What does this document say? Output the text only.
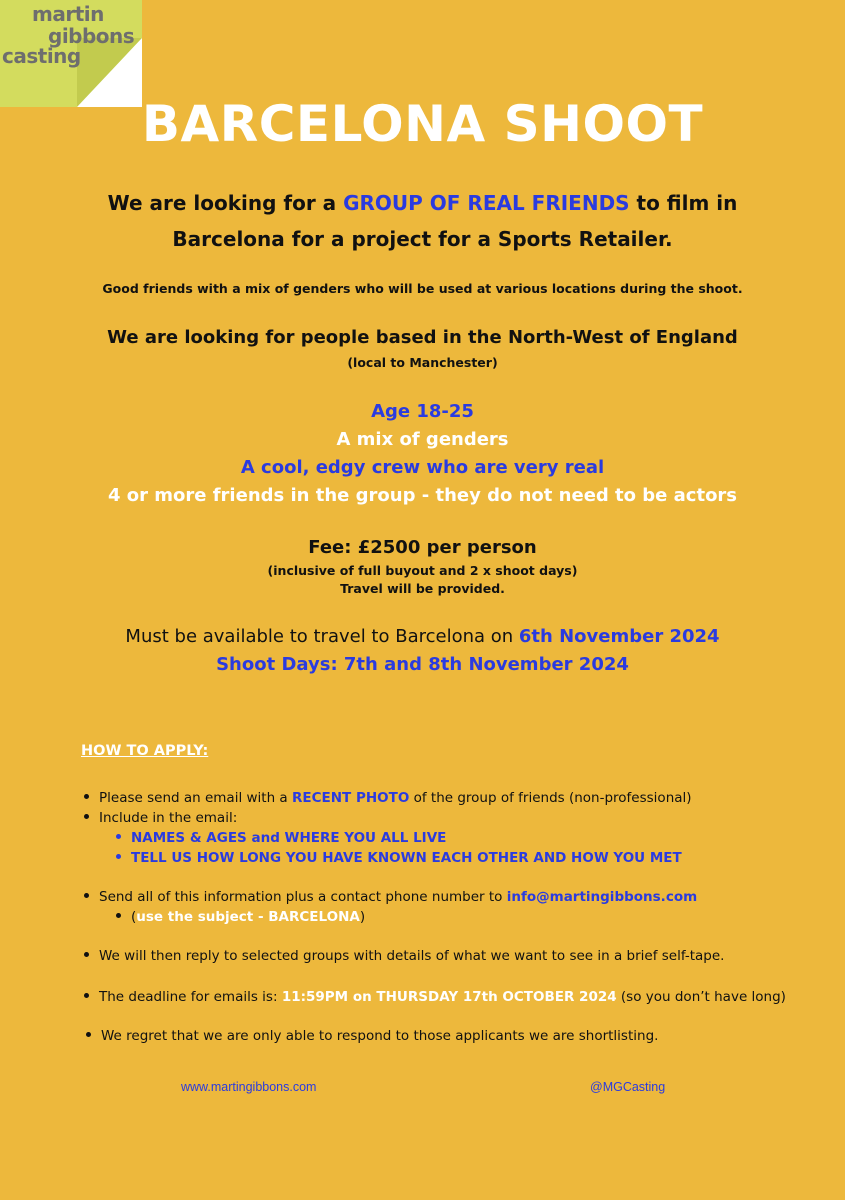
martin
gibbons
casting
BARCELONA SHOOT
We are looking for a GROUP OF REAL FRIENDS to film in
Barcelona for a project for a Sports Retailer.
Good friends with a mix of genders who will be used at various locations during the shoot.
We are looking for people based in the North-West of England
(local to Manchester)
Age 18-25
A mix of genders
A cool, edgy crew who are very real
4 or more friends in the group - they do not need to be actors
Fee: £2500 per person
(inclusive of full buyout and 2 x shoot days)
Travel will be provided.
Must be available to travel to Barcelona on 6th November 2024
Shoot Days: 7th and 8th November 2024
HOW TO APPLY:
Please send an email with a RECENT PHOTO of the group of friends (non-professional)
Include in the email:
NAMES & AGES and WHERE YOU ALL LIVE
TELL US HOW LONG YOU HAVE KNOWN EACH OTHER AND HOW YOU MET
Send all of this information plus a contact phone number to info@martingibbons.com
(use the subject - BARCELONA)
We will then reply to selected groups with details of what we want to see in a brief self-tape.
The deadline for emails is: 11:59PM on THURSDAY 17th OCTOBER 2024 (so you don’t have long)
We regret that we are only able to respond to those applicants we are shortlisting.
www.martingibbons.com	@MGCasting
